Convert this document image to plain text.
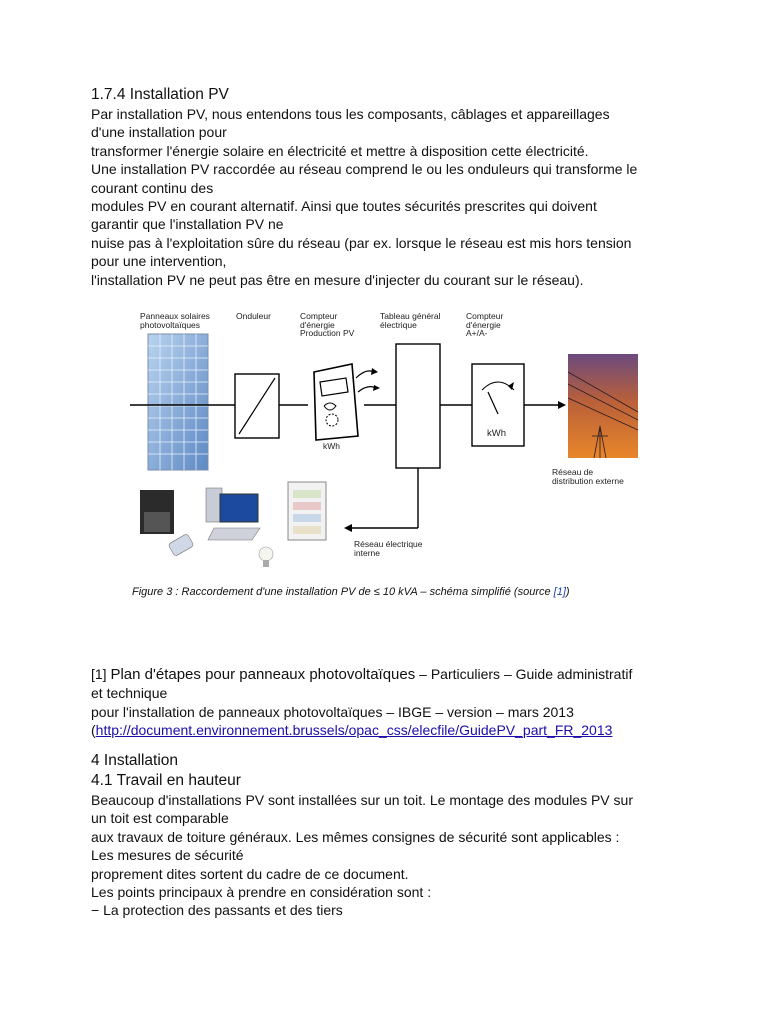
1.7.4 Installation PV
Par installation PV, nous entendons tous les composants, câblages et appareillages
d'une installation pour
transformer l'énergie solaire en électricité et mettre à disposition cette électricité.
Une installation PV raccordée au réseau comprend le ou les onduleurs qui transforme le
courant continu des
modules PV en courant alternatif. Ainsi que toutes sécurités prescrites qui doivent
garantir que l'installation PV ne
nuise pas à l'exploitation sûre du réseau (par ex. lorsque le réseau est mis hors tension
pour une intervention,
l'installation PV ne peut pas être en mesure d'injecter du courant sur le réseau).
Panneaux solaires
photovoltaïques
Onduleur	Compteur
d'énergie
Production PV
Tableau général
électrique
Compteur
d'énergie
A+/A-
kWh
kWh
Réseau de
distribution externe
Réseau électrique
interne
Figure 3 : Raccordement d'une installation PV de ≤ 10 kVA – schéma simplifié (source [1])
[1] Plan d'étapes pour panneaux photovoltaïques – Particuliers – Guide administratif
et technique
pour l'installation de panneaux photovoltaïques – IBGE – version – mars 2013
(http://document.environnement.brussels/opac_css/elecfile/GuidePV_part_FR_2013
4 Installation
4.1 Travail en hauteur
Beaucoup d'installations PV sont installées sur un toit. Le montage des modules PV sur
un toit est comparable
aux travaux de toiture généraux. Les mêmes consignes de sécurité sont applicables :
Les mesures de sécurité
proprement dites sortent du cadre de ce document.
Les points principaux à prendre en considération sont :
− La protection des passants et des tiers
